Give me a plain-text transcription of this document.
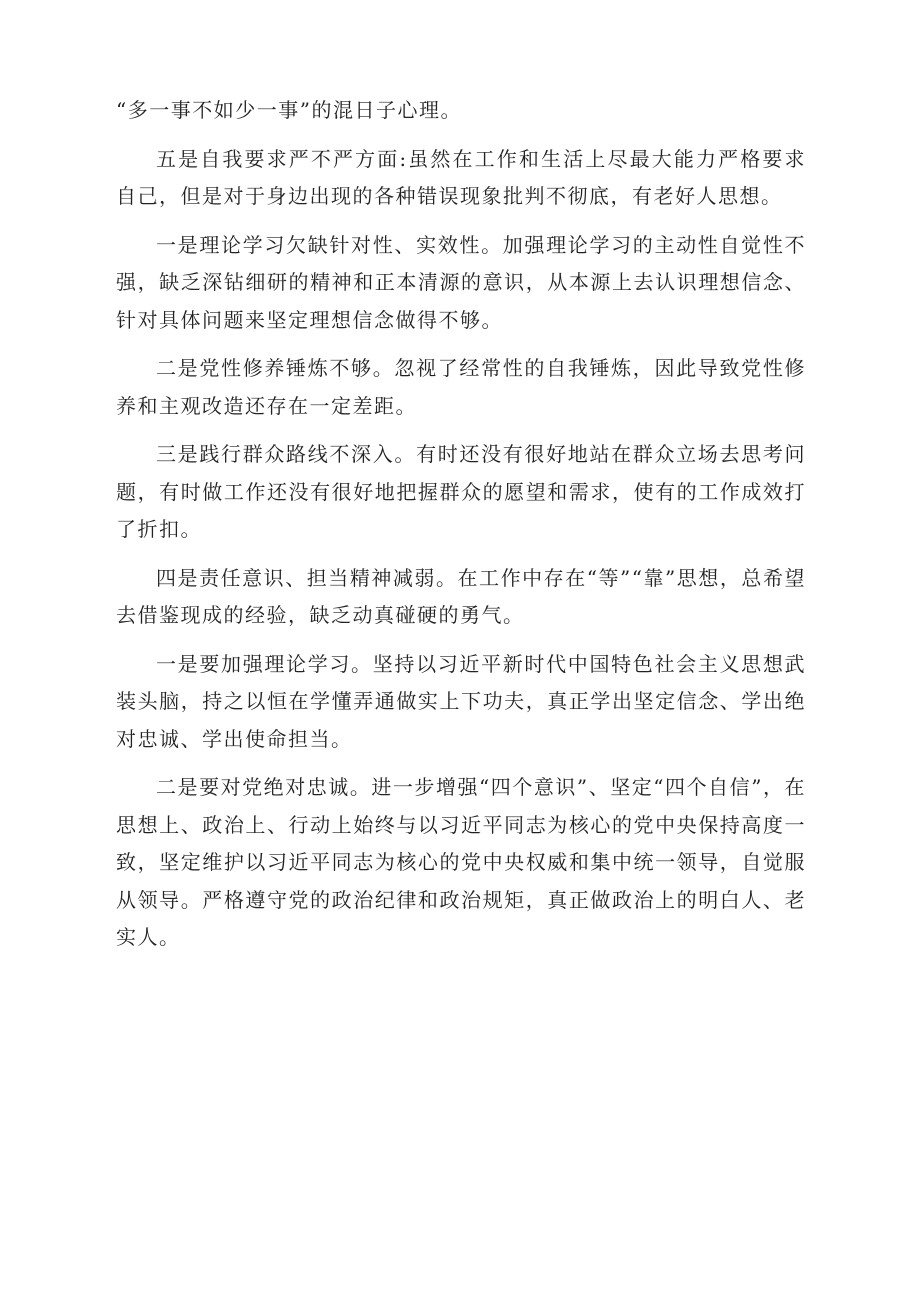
“多一事不如少一事”的混日子心理。

五是自我要求严不严方面:虽然在工作和生活上尽最大能力严格要求自己，但是对于身边出现的各种错误现象批判不彻底，有老好人思想。

一是理论学习欠缺针对性、实效性。加强理论学习的主动性自觉性不强，缺乏深钻细研的精神和正本清源的意识，从本源上去认识理想信念、针对具体问题来坚定理想信念做得不够。

二是党性修养锤炼不够。忽视了经常性的自我锤炼，因此导致党性修养和主观改造还存在一定差距。

三是践行群众路线不深入。有时还没有很好地站在群众立场去思考问题，有时做工作还没有很好地把握群众的愿望和需求，使有的工作成效打了折扣。

四是责任意识、担当精神减弱。在工作中存在“等”“靠”思想，总希望去借鉴现成的经验，缺乏动真碰硬的勇气。

一是要加强理论学习。坚持以习近平新时代中国特色社会主义思想武装头脑，持之以恒在学懂弄通做实上下功夫，真正学出坚定信念、学出绝对忠诚、学出使命担当。

二是要对党绝对忠诚。进一步增强“四个意识”、坚定“四个自信”，在思想上、政治上、行动上始终与以习近平同志为核心的党中央保持高度一致，坚定维护以习近平同志为核心的党中央权威和集中统一领导，自觉服从领导。严格遵守党的政治纪律和政治规矩，真正做政治上的明白人、老实人。
